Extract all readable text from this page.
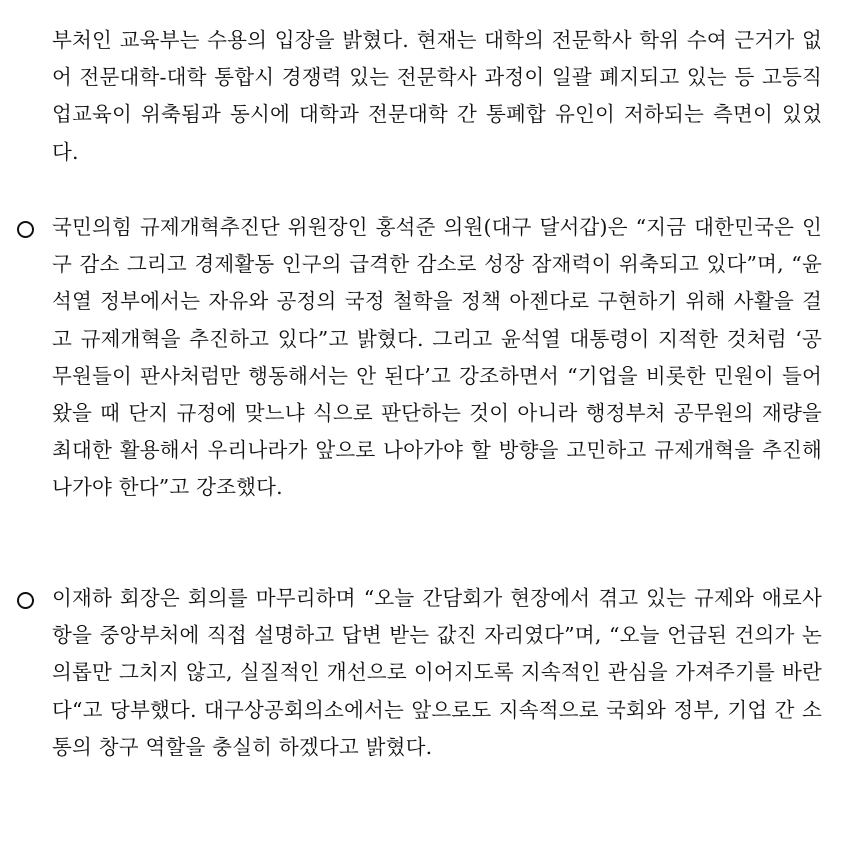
부처인 교육부는 수용의 입장을 밝혔다. 현재는 대학의 전문학사 학위 수여 근거가 없어 전문대학-대학 통합시 경쟁력 있는 전문학사 과정이 일괄 폐지되고 있는 등 고등직업교육이 위축됨과 동시에 대학과 전문대학 간 통폐합 유인이 저하되는 측면이 있었다.

국민의힘 규제개혁추진단 위원장인 홍석준 의원(대구 달서갑)은 “지금 대한민국은 인구 감소 그리고 경제활동 인구의 급격한 감소로 성장 잠재력이 위축되고 있다”며, “윤석열 정부에서는 자유와 공정의 국정 철학을 정책 아젠다로 구현하기 위해 사활을 걸고 규제개혁을 추진하고 있다”고 밝혔다. 그리고 윤석열 대통령이 지적한 것처럼 ‘공무원들이 판사처럼만 행동해서는 안 된다’고 강조하면서 “기업을 비롯한 민원이 들어왔을 때 단지 규정에 맞느냐 식으로 판단하는 것이 아니라 행정부처 공무원의 재량을 최대한 활용해서 우리나라가 앞으로 나아가야 할 방향을 고민하고 규제개혁을 추진해나가야 한다”고 강조했다.

이재하 회장은 회의를 마무리하며 “오늘 간담회가 현장에서 겪고 있는 규제와 애로사항을 중앙부처에 직접 설명하고 답변 받는 값진 자리였다”며, “오늘 언급된 건의가 논의롭만 그치지 않고, 실질적인 개선으로 이어지도록 지속적인 관심을 가져주기를 바란다“고 당부했다. 대구상공회의소에서는 앞으로도 지속적으로 국회와 정부, 기업 간 소통의 창구 역할을 충실히 하겠다고 밝혔다.
